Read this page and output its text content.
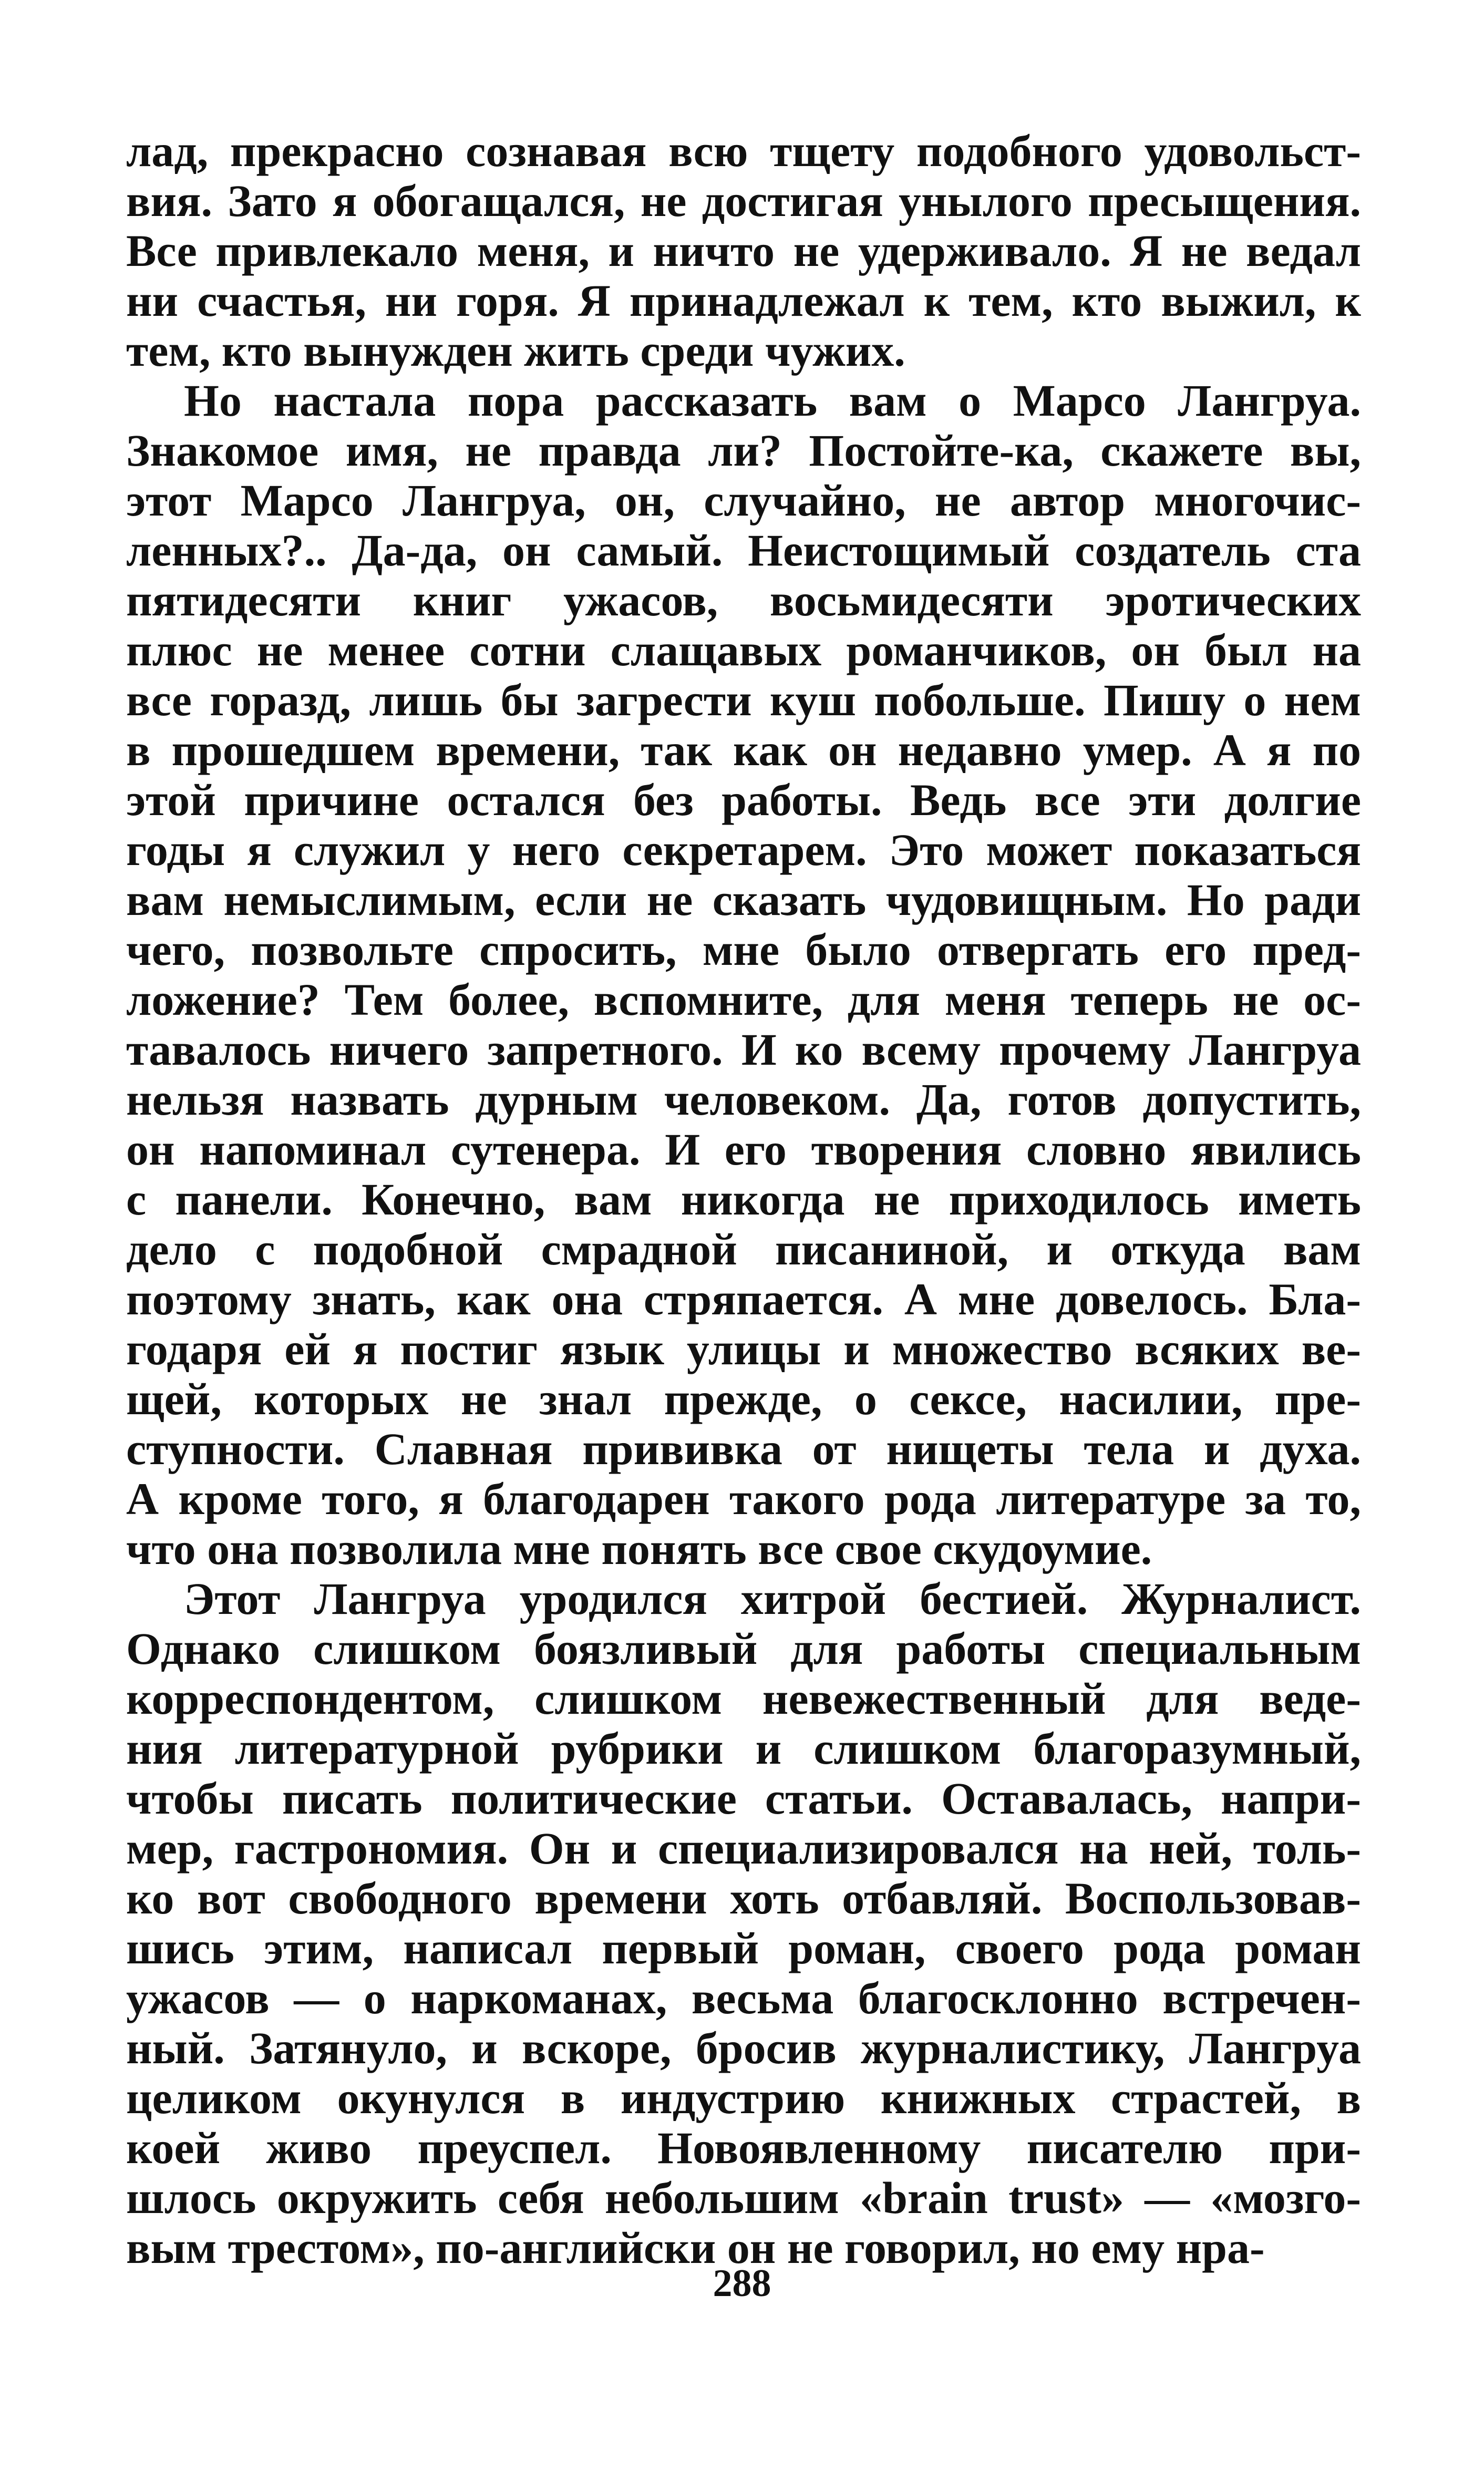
лад, прекрасно сознавая всю тщету подобного удовольст-
вия. Зато я обогащался, не достигая унылого пресыщения.
Все привлекало меня, и ничто не удерживало. Я не ведал
ни счастья, ни горя. Я принадлежал к тем, кто выжил, к
тем, кто вынужден жить среди чужих.
Но настала пора рассказать вам о Марсо Лангруа.
Знакомое имя, не правда ли? Постойте-ка, скажете вы,
этот Марсо Лангруа, он, случайно, не автор многочис-
ленных?.. Да-да, он самый. Неистощимый создатель ста
пятидесяти книг ужасов, восьмидесяти эротических
плюс не менее сотни слащавых романчиков, он был на
все горазд, лишь бы загрести куш побольше. Пишу о нем
в прошедшем времени, так как он недавно умер. А я по
этой причине остался без работы. Ведь все эти долгие
годы я служил у него секретарем. Это может показаться
вам немыслимым, если не сказать чудовищным. Но ради
чего, позвольте спросить, мне было отвергать его пред-
ложение? Тем более, вспомните, для меня теперь не ос-
тавалось ничего запретного. И ко всему прочему Лангруа
нельзя назвать дурным человеком. Да, готов допустить,
он напоминал сутенера. И его творения словно явились
с панели. Конечно, вам никогда не приходилось иметь
дело с подобной смрадной писаниной, и откуда вам
поэтому знать, как она стряпается. А мне довелось. Бла-
годаря ей я постиг язык улицы и множество всяких ве-
щей, которых не знал прежде, о сексе, насилии, пре-
ступности. Славная прививка от нищеты тела и духа.
А кроме того, я благодарен такого рода литературе за то,
что она позволила мне понять все свое скудоумие.
Этот Лангруа уродился хитрой бестией. Журналист.
Однако слишком боязливый для работы специальным
корреспондентом, слишком невежественный для веде-
ния литературной рубрики и слишком благоразумный,
чтобы писать политические статьи. Оставалась, напри-
мер, гастрономия. Он и специализировался на ней, толь-
ко вот свободного времени хоть отбавляй. Воспользовав-
шись этим, написал первый роман, своего рода роман
ужасов — о наркоманах, весьма благосклонно встречен-
ный. Затянуло, и вскоре, бросив журналистику, Лангруа
целиком окунулся в индустрию книжных страстей, в
коей живо преуспел. Новоявленному писателю при-
шлось окружить себя небольшим «brain trust» — «мозго-
вым трестом», по-английски он не говорил, но ему нра-
288
